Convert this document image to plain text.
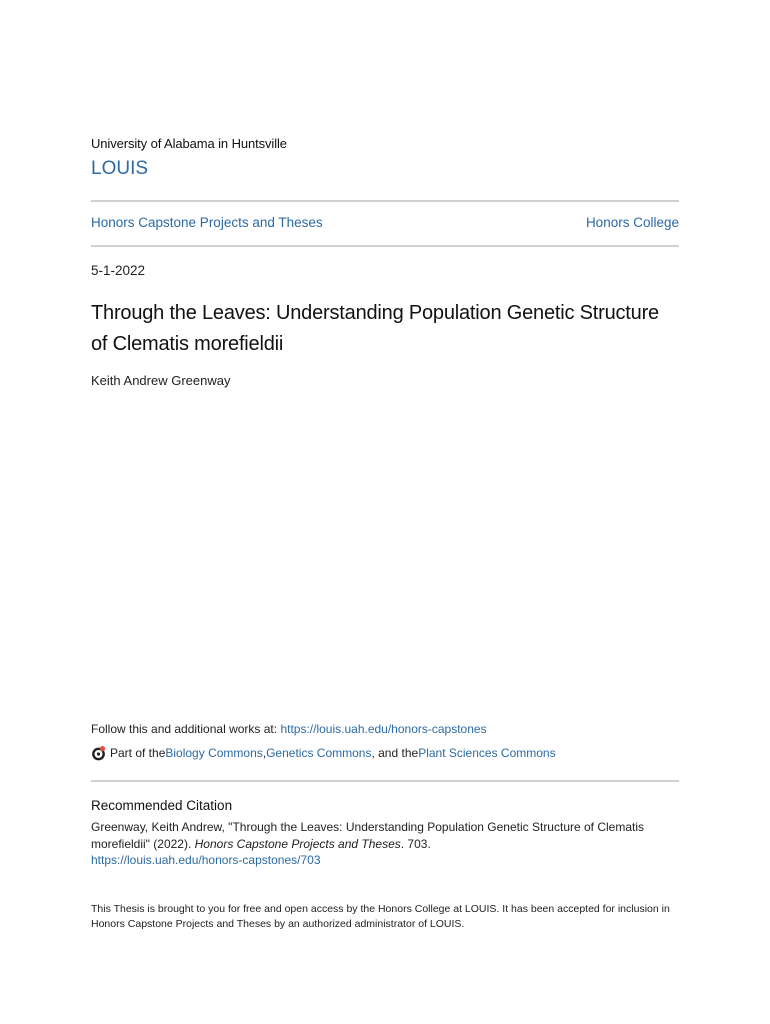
University of Alabama in Huntsville
LOUIS
Honors Capstone Projects and Theses	Honors College
5-1-2022
Through the Leaves: Understanding Population Genetic Structure of Clematis morefieldii
Keith Andrew Greenway
Follow this and additional works at: https://louis.uah.edu/honors-capstones
Part of the Biology Commons , Genetics Commons , and the Plant Sciences Commons
Recommended Citation
Greenway, Keith Andrew, "Through the Leaves: Understanding Population Genetic Structure of Clematis morefieldii" (2022). Honors Capstone Projects and Theses. 703.
https://louis.uah.edu/honors-capstones/703
This Thesis is brought to you for free and open access by the Honors College at LOUIS. It has been accepted for inclusion in Honors Capstone Projects and Theses by an authorized administrator of LOUIS.
